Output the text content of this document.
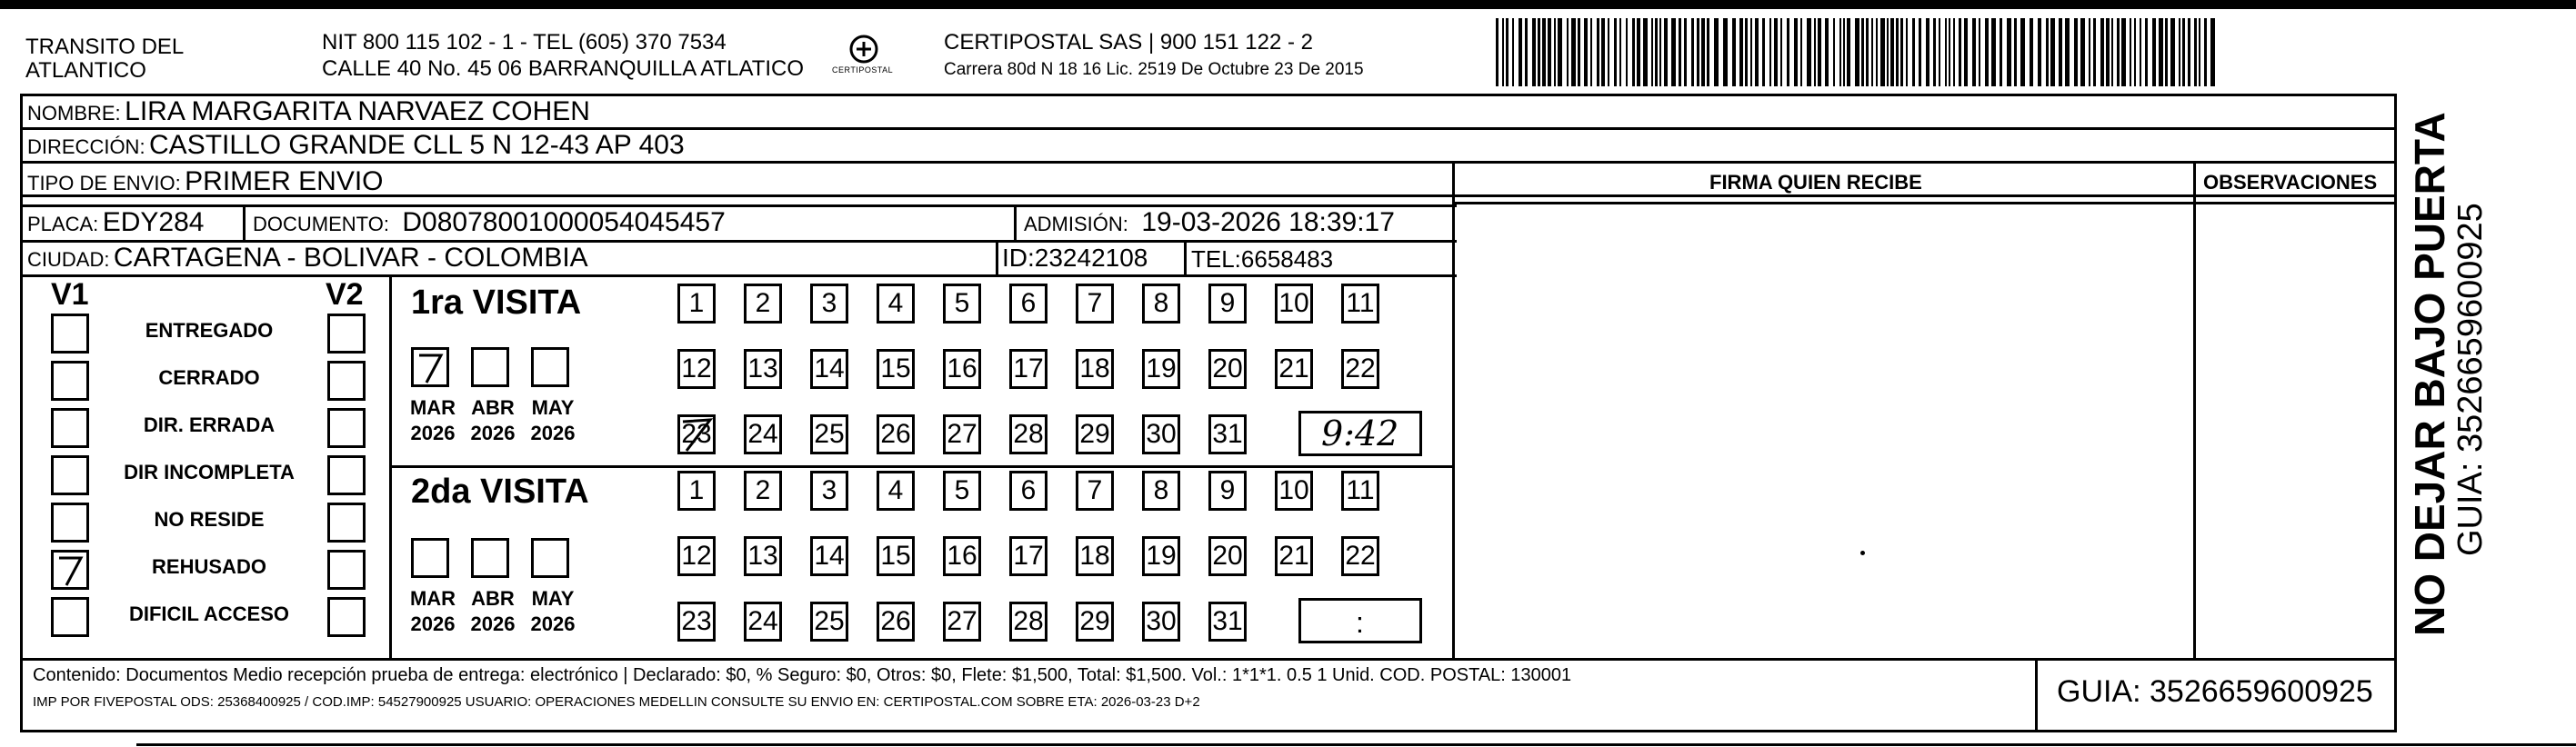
TRANSITO DEL
ATLANTICO
NIT 800 115 102 - 1 - TEL (605) 370 7534
CALLE 40 No. 45 06 BARRANQUILLA ATLATICO	CERTIPOSTAL
CERTIPOSTAL SAS | 900 151 122 - 2
Carrera 80d N 18 16 Lic. 2519 De Octubre 23 De 2015
NOMBRE: LIRA MARGARITA NARVAEZ COHEN
DIRECCIÓN: CASTILLO GRANDE CLL 5 N 12-43 AP 403
TIPO DE ENVIO: PRIMER ENVIO	FIRMA QUIEN RECIBE	OBSERVACIONES
PLACA: EDY284 DOCUMENTO: D08078001000054045457	ADMISIÓN: 19-03-2026 18:39:17
CIUDAD: CARTAGENA - BOLIVAR - COLOMBIA	ID:23242108 TEL:6658483
V1	V2
ENTREGADO
CERRADO
DIR. ERRADA
DIR INCOMPLETA
NO RESIDE
REHUSADO
DIFICIL ACCESO
1ra VISITA
2da VISITA
MAR
2026
ABR
2026
MAY
2026
MAR
2026
ABR
2026
MAY
2026
1	2	3	4	5	6	7	8	9	10 11
12 13 14 15 16 17 18 19 20 21 22
23 24 25 26 27 28 29 30 31
1	2	3	4	5	6	7	8	9	10 11
12 13 14 15 16 17 18 19 20 21 22
23 24 25 26 27 28 29 30 31
9:42
:
Contenido: Documentos Medio recepción prueba de entrega: electrónico | Declarado: $0, % Seguro: $0, Otros: $0, Flete: $1,500, Total: $1,500. Vol.: 1*1*1. 0.5 1 Unid. COD. POSTAL: 130001
IMP POR FIVEPOSTAL ODS: 25368400925 / COD.IMP: 54527900925 USUARIO: OPERACIONES MEDELLIN CONSULTE SU ENVIO EN: CERTIPOSTAL.COM SOBRE ETA: 2026-03-23 D+2	GUIA: 3526659600925
NO DEJAR BAJO PUERTA
GUIA: 3526659600925
